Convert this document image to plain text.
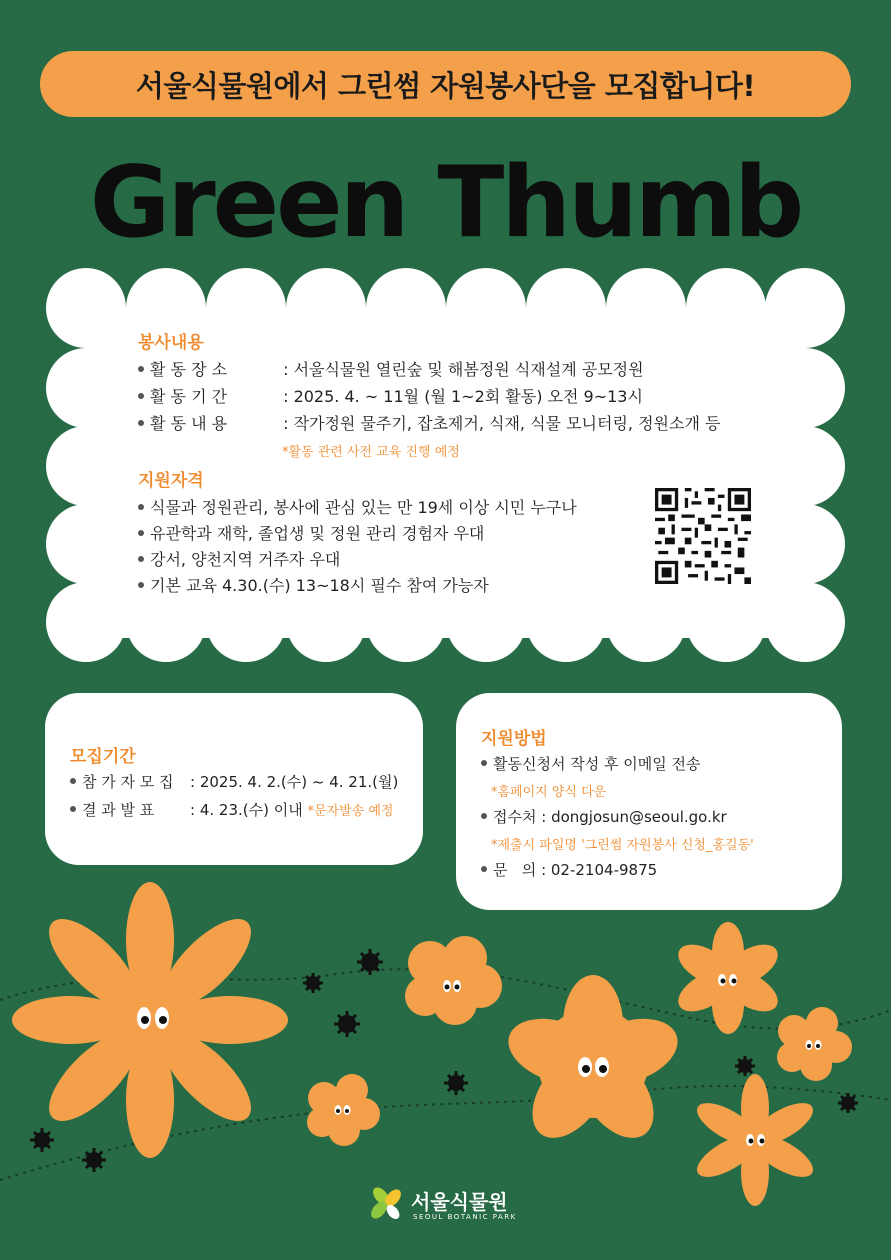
서울식물원에서 그린썸 자원봉사단을 모집합니다!
Green Thumb
봉사내용
활 동 장 소	: 서울식물원 열린숲 및 해봄정원 식재설계 공모정원
활 동 기 간	: 2025. 4. ~ 11월 (월 1~2회 활동) 오전 9~13시
활 동 내 용	: 작가정원 물주기, 잡초제거, 식재, 식물 모니터링, 정원소개 등
*활동 관련 사전 교육 진행 예정
지원자격
식물과 정원관리, 봉사에 관심 있는 만 19세 이상 시민 누구나
유관학과 재학, 졸업생 및 정원 관리 경험자 우대
강서, 양천지역 거주자 우대
기본 교육 4.30.(수) 13~18시 필수 참여 가능자
모집기간
참 가 자 모 집 : 2025. 4. 2.(수) ~ 4. 21.(월)
결 과 발 표 : 4. 23.(수) 이내 *문자발송 예정
지원방법
활동신청서 작성 후 이메일 전송
*홈페이지 양식 다운
접수처 : dongjosun@seoul.go.kr
*제출시 파일명 '그린썸 자원봉사 신청_홍길동'
문   의 : 02-2104-9875
서울식물원
SEOUL BOTANIC PARK
